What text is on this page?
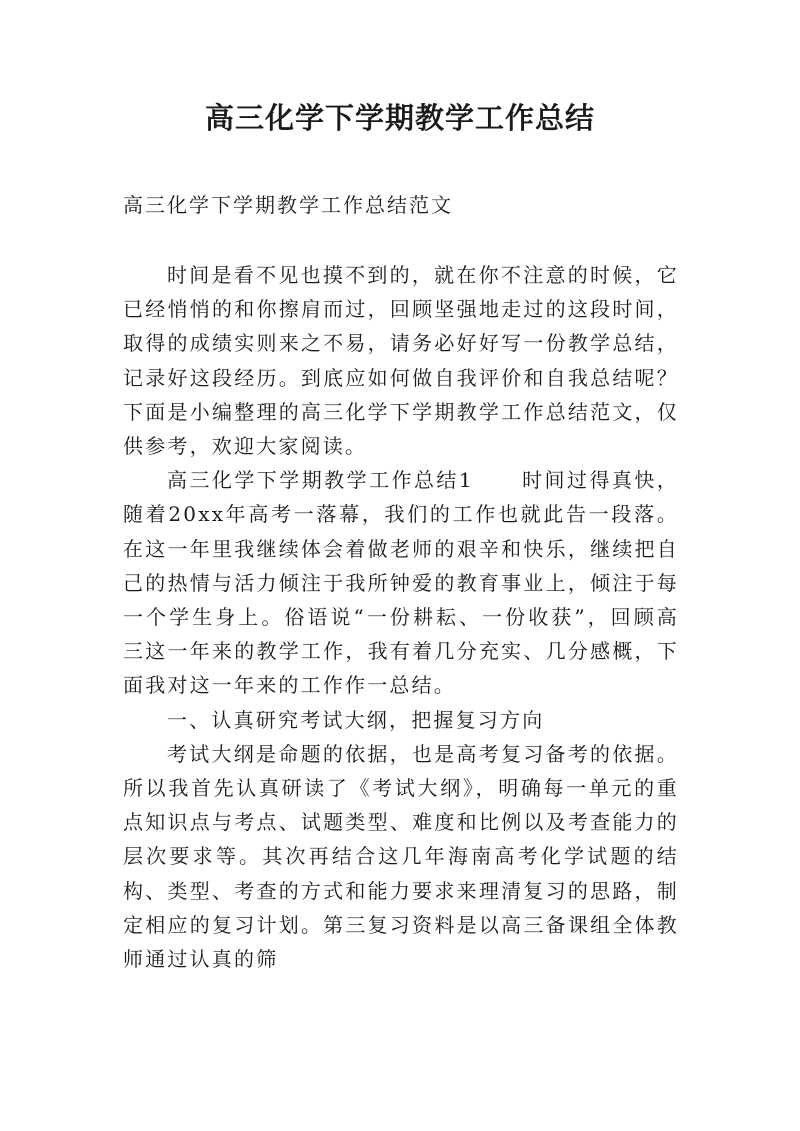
高三化学下学期教学工作总结

高三化学下学期教学工作总结范文

时间是看不见也摸不到的，就在你不注意的时候，它已经悄悄的和你擦肩而过，回顾坚强地走过的这段时间，取得的成绩实则来之不易，请务必好好写一份教学总结，记录好这段经历。到底应如何做自我评价和自我总结呢？下面是小编整理的高三化学下学期教学工作总结范文，仅供参考，欢迎大家阅读。

高三化学下学期教学工作总结1 时间过得真快，随着20xx年高考一落幕，我们的工作也就此告一段落。在这一年里我继续体会着做老师的艰辛和快乐，继续把自己的热情与活力倾注于我所钟爱的教育事业上，倾注于每一个学生身上。俗语说“一份耕耘、一份收获”，回顾高三这一年来的教学工作，我有着几分充实、几分感概，下面我对这一年来的工作作一总结。

一、认真研究考试大纲，把握复习方向

考试大纲是命题的依据，也是高考复习备考的依据。所以我首先认真研读了《考试大纲》，明确每一单元的重点知识点与考点、试题类型、难度和比例以及考查能力的层次要求等。其次再结合这几年海南高考化学试题的结构、类型、考查的方式和能力要求来理清复习的思路，制定相应的复习计划。第三复习资料是以高三备课组全体教师通过认真的筛
